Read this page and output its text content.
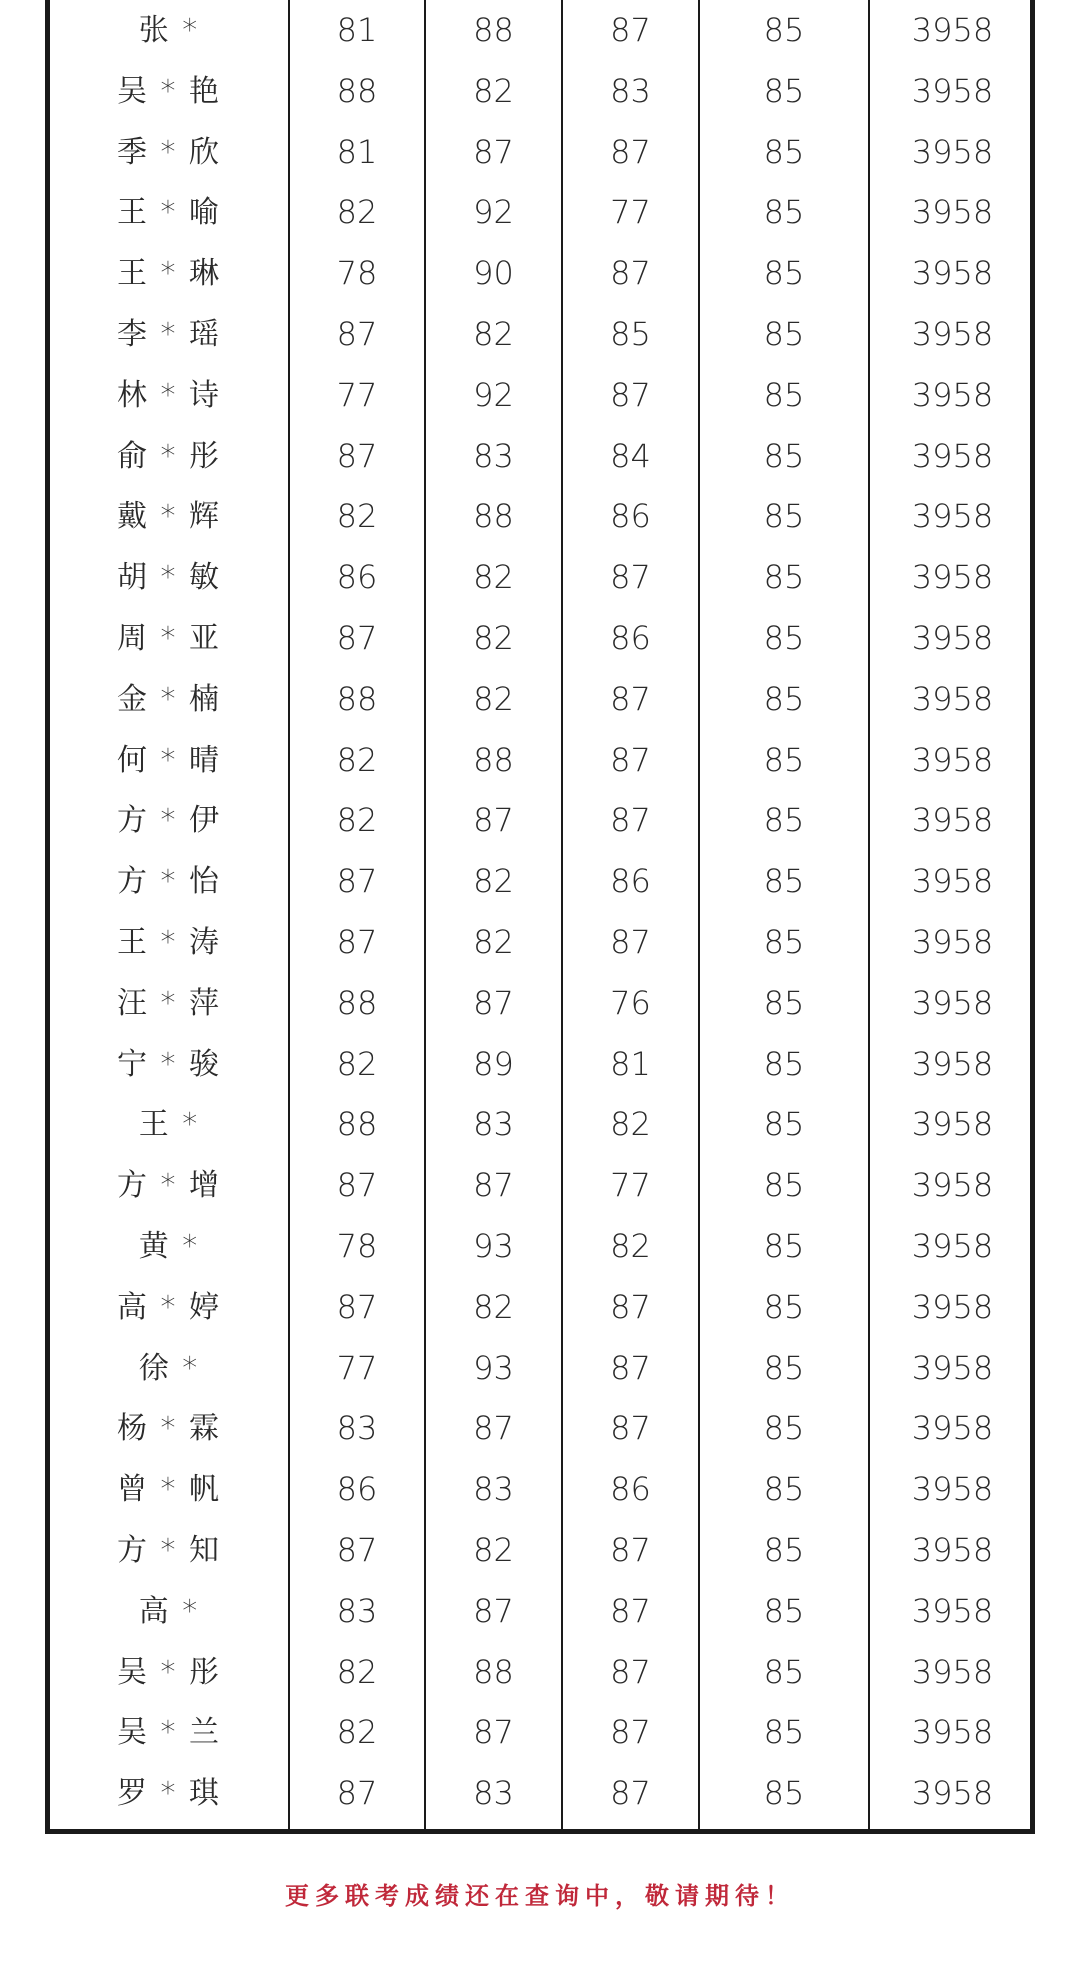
张 *	81	88	87	85	3958
吴 * 艳	88	82	83	85	3958
季 * 欣	81	87	87	85	3958
王 * 喻	82	92	77	85	3958
王 * 琳	78	90	87	85	3958
李 * 瑶	87	82	85	85	3958
林 * 诗	77	92	87	85	3958
俞 * 彤	87	83	84	85	3958
戴 * 辉	82	88	86	85	3958
胡 * 敏	86	82	87	85	3958
周 * 亚	87	82	86	85	3958
金 * 楠	88	82	87	85	3958
何 * 晴	82	88	87	85	3958
方 * 伊	82	87	87	85	3958
方 * 怡	87	82	86	85	3958
王 * 涛	87	82	87	85	3958
汪 * 萍	88	87	76	85	3958
宁 * 骏	82	89	81	85	3958
王 *	88	83	82	85	3958
方 * 增	87	87	77	85	3958
黄 *	78	93	82	85	3958
高 * 婷	87	82	87	85	3958
徐 *	77	93	87	85	3958
杨 * 霖	83	87	87	85	3958
曾 * 帆	86	83	86	85	3958
方 * 知	87	82	87	85	3958
高 *	83	87	87	85	3958
吴 * 彤	82	88	87	85	3958
吴 * 兰	82	87	87	85	3958
罗 * 琪	87	83	87	85	3958
更多联考成绩还在查询中，敬请期待！
